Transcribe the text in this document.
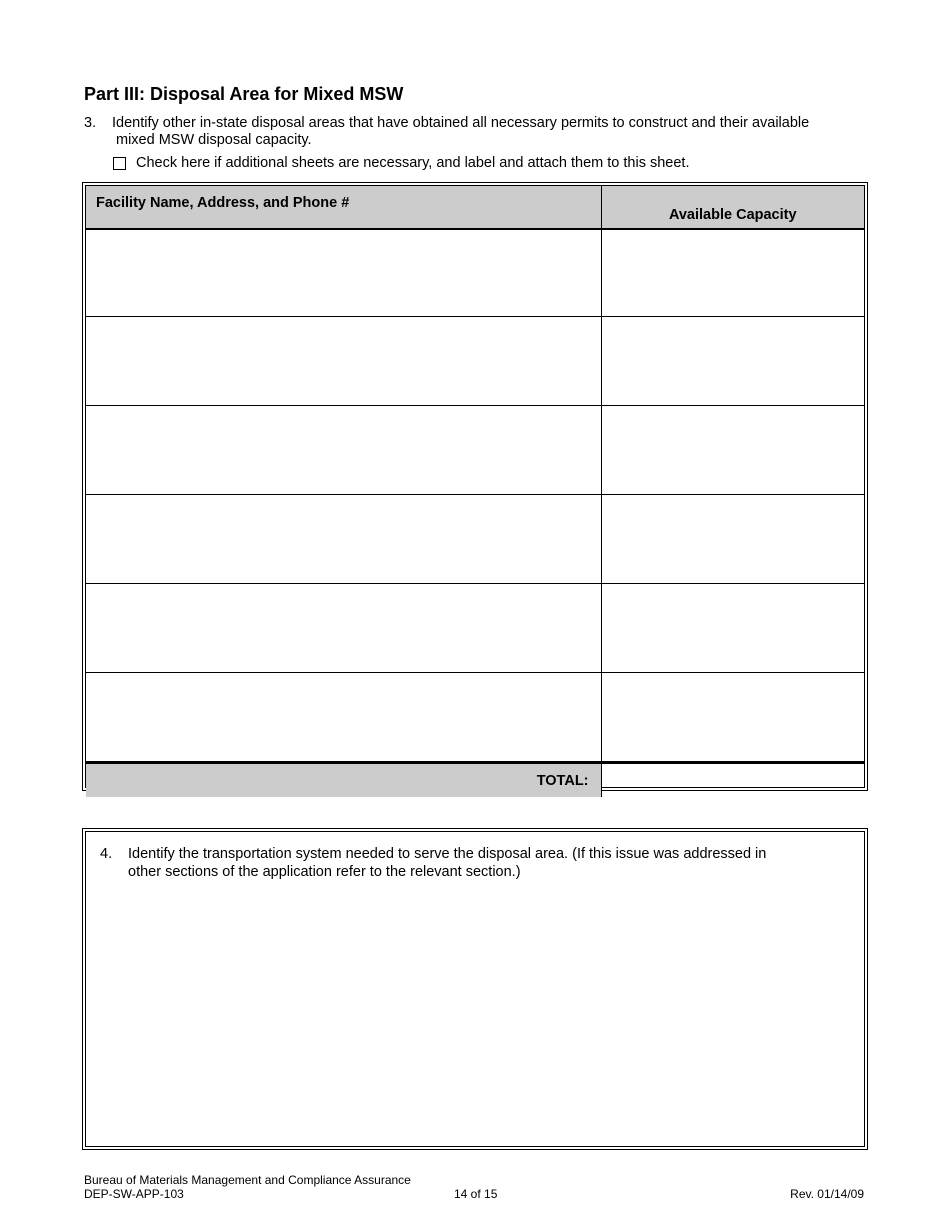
Part III: Disposal Area for Mixed MSW
3.	Identify other in-state disposal areas that have obtained all necessary permits to construct and their available
mixed MSW disposal capacity.
Check here if additional sheets are necessary, and label and attach them to this sheet.
Facility Name, Address, and Phone #	Available Capacity

TOTAL:	
4.	Identify the transportation system needed to serve the disposal area. (If this issue was addressed in
other sections of the application refer to the relevant section.)
Bureau of Materials Management and Compliance Assurance
DEP-SW-APP-103	14 of 15	Rev. 01/14/09
